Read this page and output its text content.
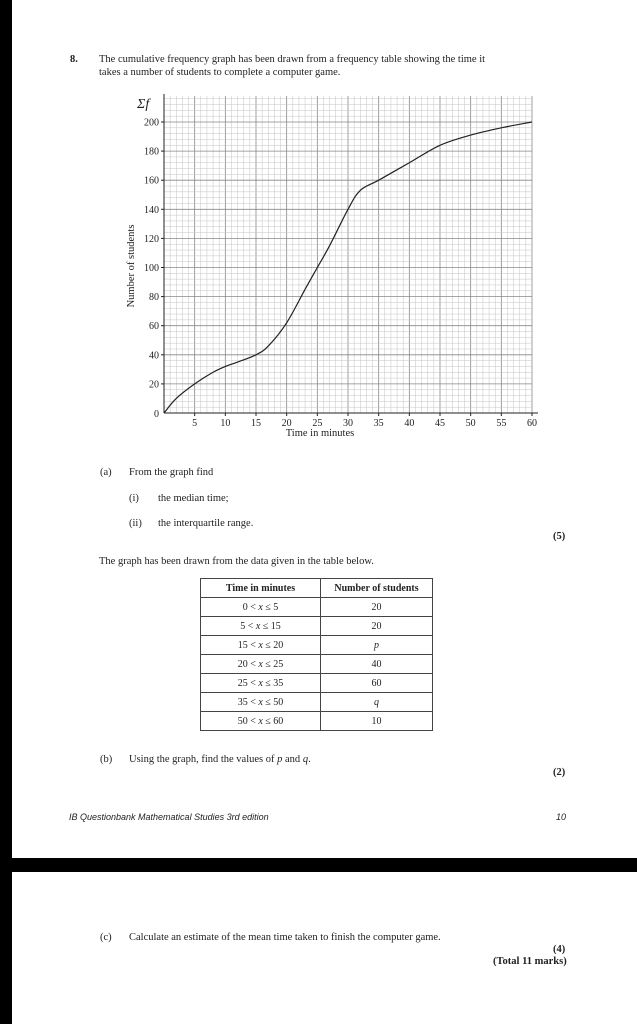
8. The cumulative frequency graph has been drawn from a frequency table showing the time it
takes a number of students to complete a computer game.
5 10 15 20 25 30 35 40 45 50 55 60
20
40
60
80
100
120
140
160
180
200
0
Σf
Time in minutes
Number of students
(a) From the graph find
(i) the median time;
(ii) the interquartile range.
(5)
The graph has been drawn from the data given in the table below.
Time in minutes	Number of students
0 < x ≤ 5	20
5 < x ≤ 15	20
15 < x ≤ 20	p
20 < x ≤ 25	40
25 < x ≤ 35	60
35 < x ≤ 50	q
50 < x ≤ 60	10
(b) Using the graph, find the values of p and q.
(2)
IB Questionbank Mathematical Studies 3rd edition	10
(c) Calculate an estimate of the mean time taken to finish the computer game.
(4)
(Total 11 marks)
